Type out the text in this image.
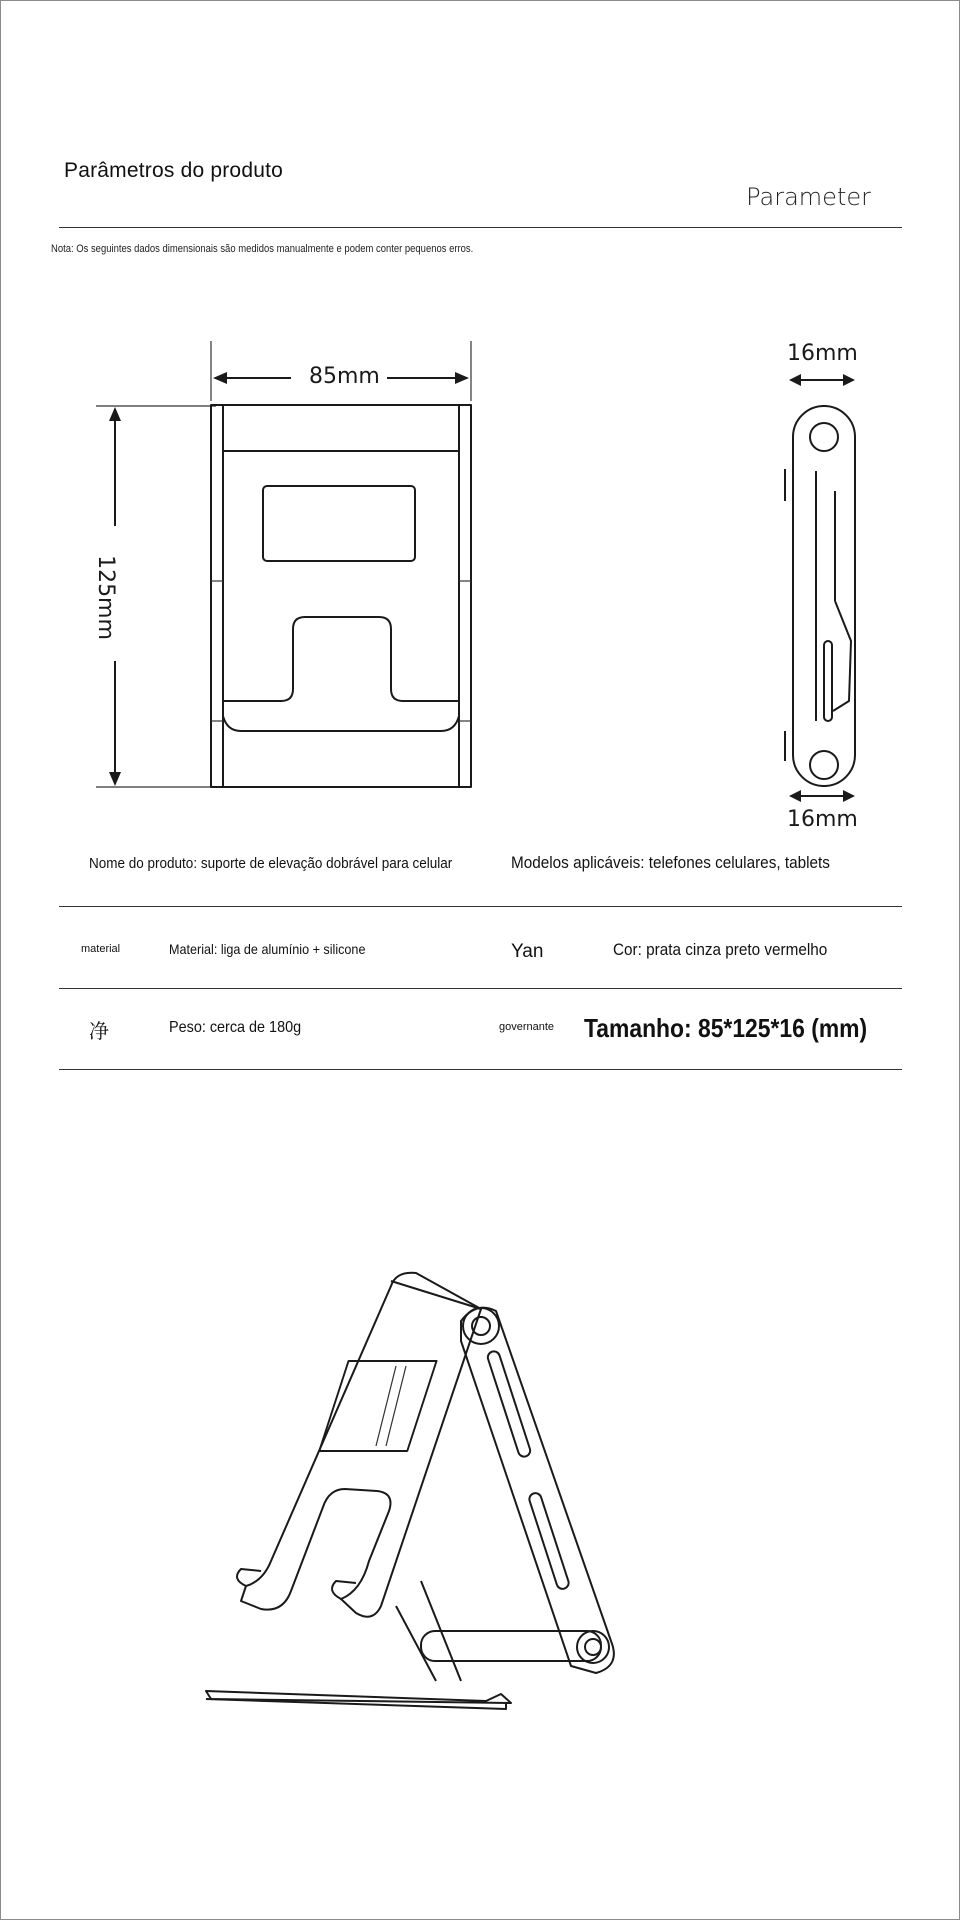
Parâmetros do produto
Parameter
Nota: Os seguintes dados dimensionais são medidos manualmente e podem conter pequenos erros.
85mm
125mm
16mm
16mm
Nome do produto: suporte de elevação dobrável para celular	Modelos aplicáveis: telefones celulares, tablets
material	Material: liga de alumínio + silicone	Yan	Cor: prata cinza preto vermelho
净	Peso: cerca de 180g	governante Tamanho: 85*125*16 (mm)
